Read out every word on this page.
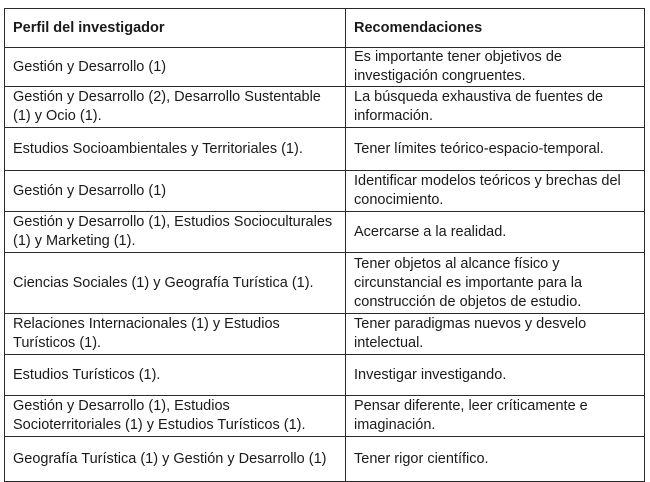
Perfil del investigador	Recomendaciones
Gestión y Desarrollo (1)	Es importante tener objetivos de investigación congruentes.
Gestión y Desarrollo (2), Desarrollo Sustentable (1) y Ocio (1).	La búsqueda exhaustiva de fuentes de información.
Estudios Socioambientales y Territoriales (1).	Tener límites teórico-espacio-temporal.
Gestión y Desarrollo (1)	Identificar modelos teóricos y brechas del conocimiento.
Gestión y Desarrollo (1), Estudios Socioculturales (1) y Marketing (1).	Acercarse a la realidad.
Ciencias Sociales (1) y Geografía Turística (1).	Tener objetos al alcance físico y circunstancial es importante para la construcción de objetos de estudio.
Relaciones Internacionales (1) y Estudios Turísticos (1).	Tener paradigmas nuevos y desvelo intelectual.
Estudios Turísticos (1).	Investigar investigando.
Gestión y Desarrollo (1), Estudios Socioterritoriales (1) y Estudios Turísticos (1).	Pensar diferente, leer críticamente e imaginación.
Geografía Turística (1) y Gestión y Desarrollo (1)	Tener rigor científico.
